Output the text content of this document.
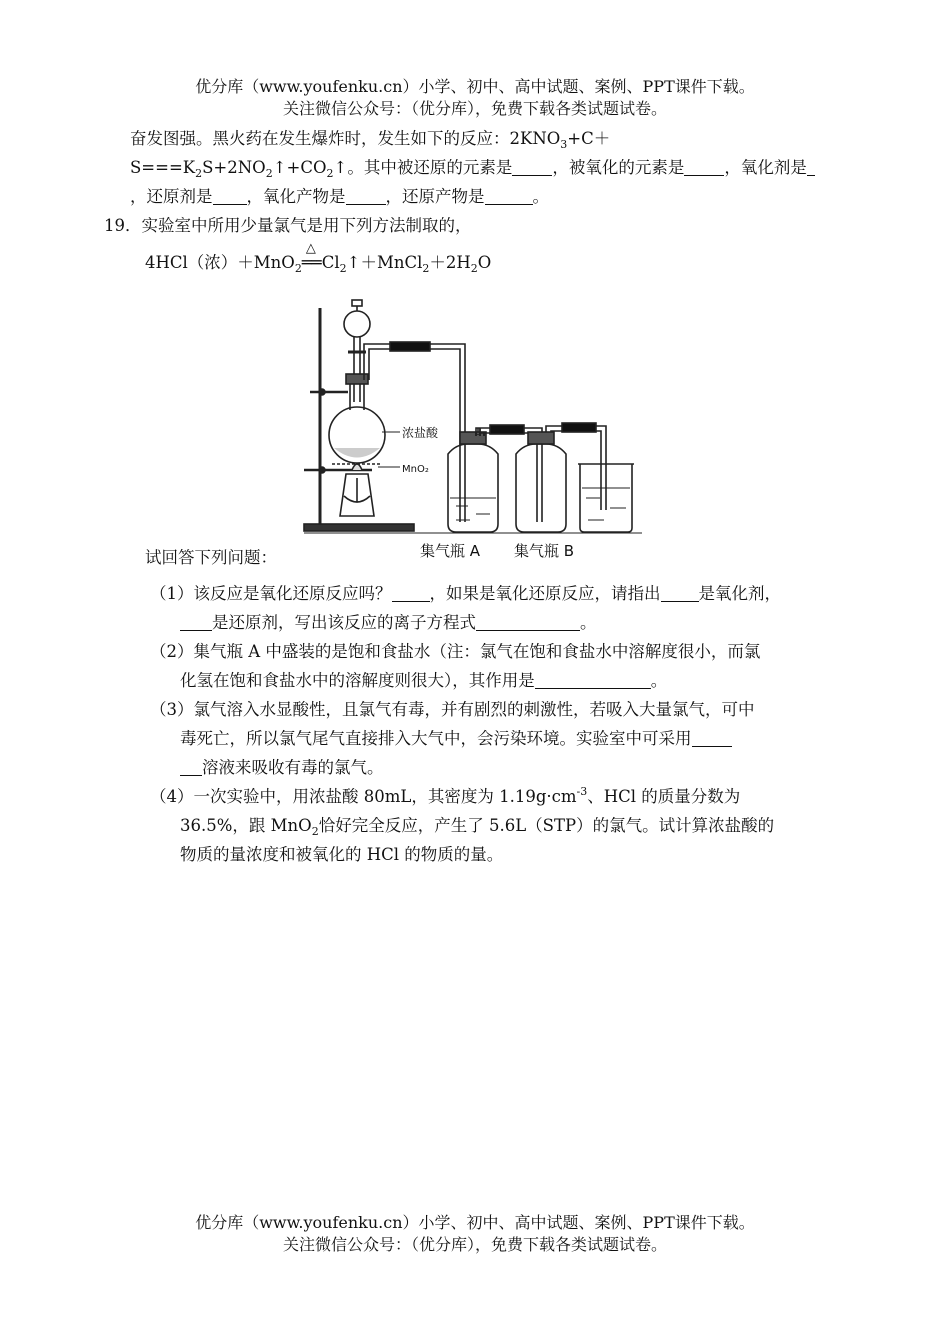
优分库（www.youfenku.cn）小学、初中、高中试题、案例、PPT课件下载。
关注微信公众号：（优分库），免费下载各类试题试卷。
奋发图强。黑火药在发生爆炸时，发生如下的反应：$2KNO_3+C+$
$S===K_2S+2NO_2↑+CO_2↑$。其中被还原的元素是 ，被氧化的元素是 ，氧化剂是
，还原剂是 ，氧化产物是 ，还原产物是	。
19．实验室中所用少量氯气是用下列方法制取的，
4HCl（浓）＋MnO$_2$
△
$══Cl_2↑+MnCl_2+2H_2O$
浓盐酸
MnO₂
集气瓶 A 集气瓶 B
试回答下列问题：
（1）该反应是氧化还原反应吗？ ，如果是氧化还原反应，请指出 是氧化剂，
是还原剂，写出该反应的离子方程式	。
（2）集气瓶 A 中盛装的是饱和食盐水（注：氯气在饱和食盐水中溶解度很小，而氯
化氢在饱和食盐水中的溶解度则很大），其作用是	。
（3）氯气溶入水显酸性，且氯气有毒，并有剧烈的刺激性，若吸入大量氯气，可中
毒死亡，所以氯气尾气直接排入大气中，会污染环境。实验室中可采用
溶液来吸收有毒的氯气。
（4）一次实验中，用浓盐酸 80mL，其密度为 $1.19g\cdot cm^{-3}$、HCl 的质量分数为
36.5%，跟 MnO$_2$恰好完全反应，产生了 5.6L（STP）的氯气。试计算浓盐酸的
物质的量浓度和被氧化的 HCl 的物质的量。
优分库（www.youfenku.cn）小学、初中、高中试题、案例、PPT课件下载。
关注微信公众号：（优分库），免费下载各类试题试卷。
